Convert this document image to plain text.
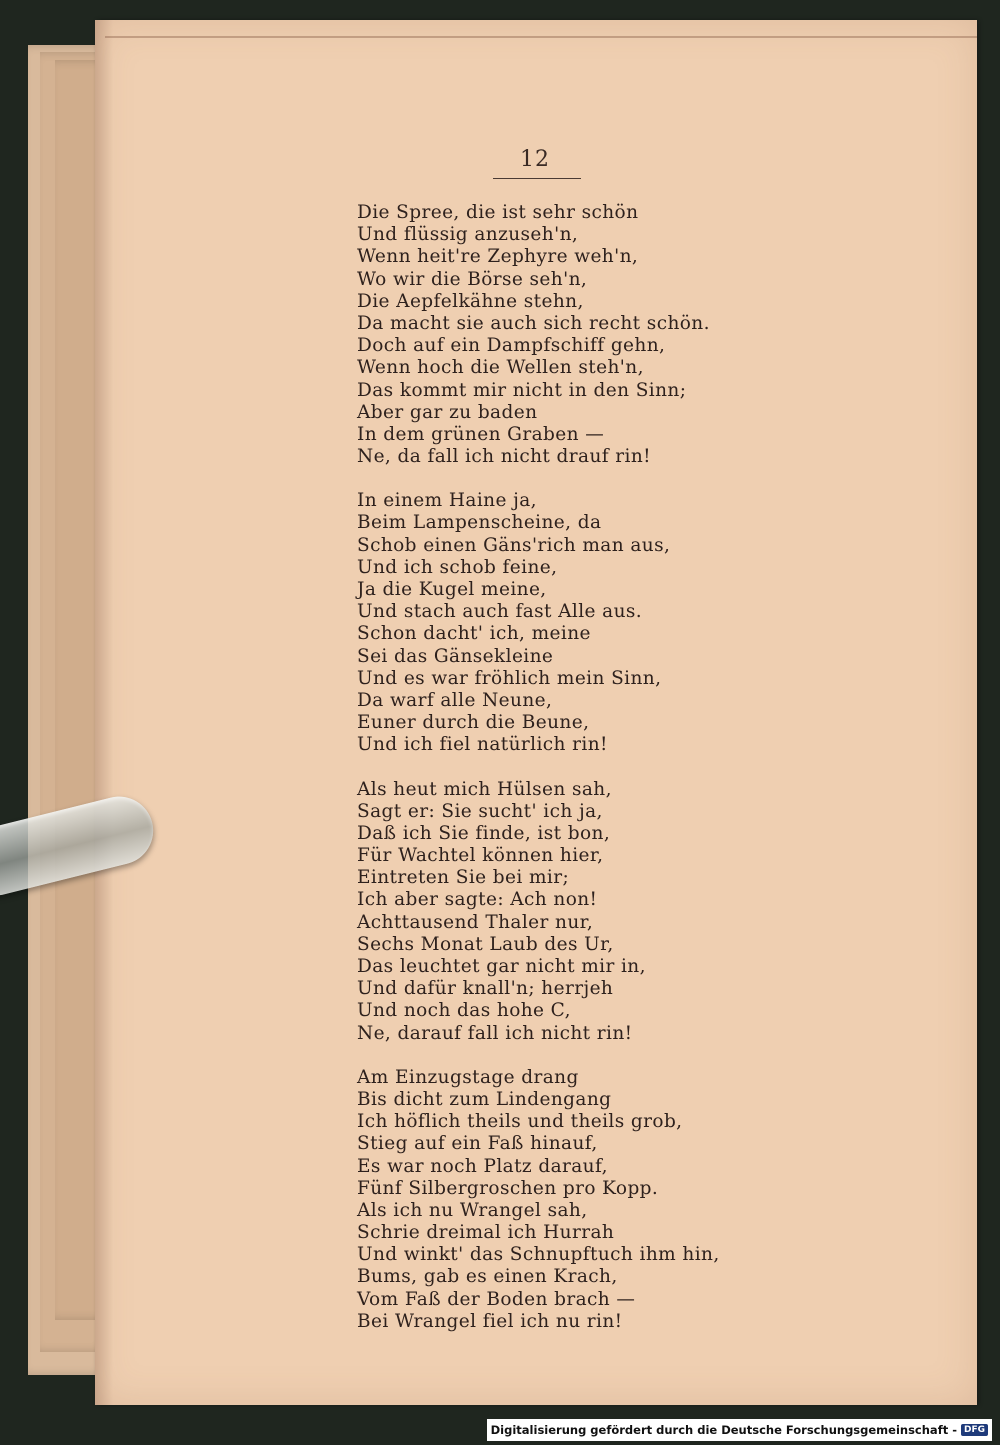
12
Die Spree, die ist sehr schön
Und flüssig anzuseh'n,
Wenn heit're Zephyre weh'n,
Wo wir die Börse seh'n,
Die Aepfelkähne stehn,
Da macht sie auch sich recht schön.
Doch auf ein Dampfschiff gehn,
Wenn hoch die Wellen steh'n,
Das kommt mir nicht in den Sinn;
Aber gar zu baden
In dem grünen Graben —
Ne, da fall ich nicht drauf rin!
In einem Haine ja,
Beim Lampenscheine, da
Schob einen Gäns'rich man aus,
Und ich schob feine,
Ja die Kugel meine,
Und stach auch fast Alle aus.
Schon dacht' ich, meine
Sei das Gänsekleine
Und es war fröhlich mein Sinn,
Da warf alle Neune,
Euner durch die Beune,
Und ich fiel natürlich rin!
Als heut mich Hülsen sah,
Sagt er: Sie sucht' ich ja,
Daß ich Sie finde, ist bon,
Für Wachtel können hier,
Eintreten Sie bei mir;
Ich aber sagte: Ach non!
Achttausend Thaler nur,
Sechs Monat Laub des Ur,
Das leuchtet gar nicht mir in,
Und dafür knall'n; herrjeh
Und noch das hohe C,
Ne, darauf fall ich nicht rin!
Am Einzugstage drang
Bis dicht zum Lindengang
Ich höflich theils und theils grob,
Stieg auf ein Faß hinauf,
Es war noch Platz darauf,
Fünf Silbergroschen pro Kopp.
Als ich nu Wrangel sah,
Schrie dreimal ich Hurrah
Und winkt' das Schnupftuch ihm hin,
Bums, gab es einen Krach,
Vom Faß der Boden brach —
Bei Wrangel fiel ich nu rin!
Digitalisierung gefördert durch die Deutsche Forschungsgemeinschaft - DFG
